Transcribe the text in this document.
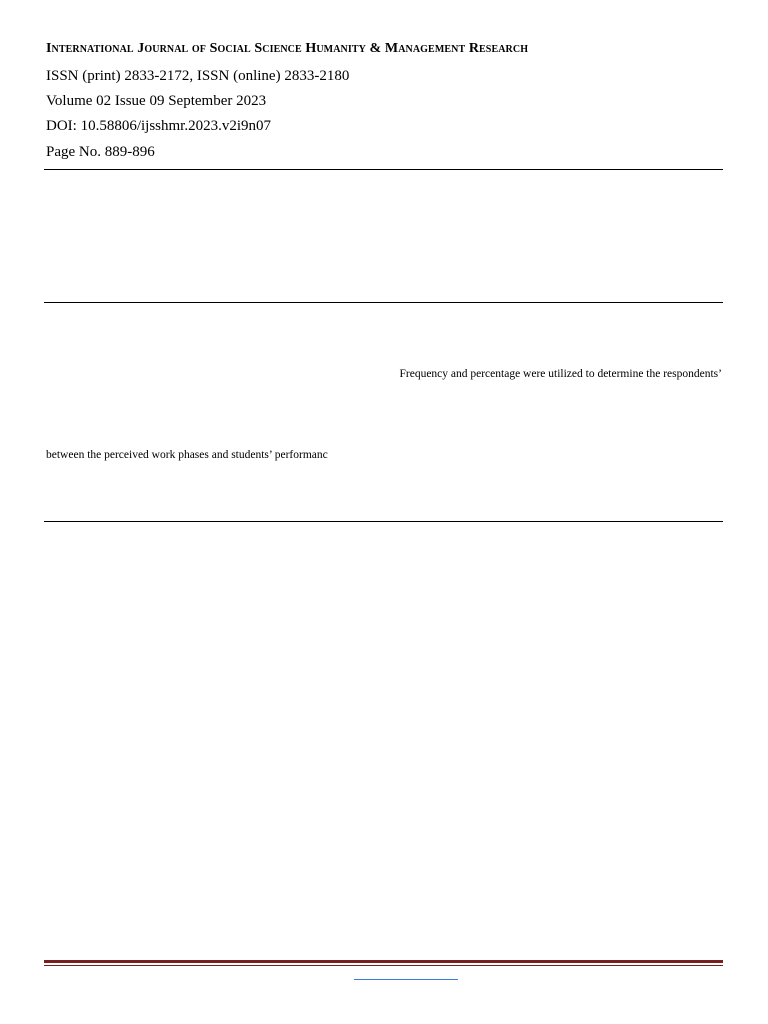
International Journal of Social Science Humanity & Management Research
ISSN (print) 2833-2172, ISSN (online) 2833-2180
Volume 02 Issue 09 September 2023
DOI: 10.58806/ijsshmr.2023.v2i9n07
Page No. 889-896
Frequency and percentage were utilized to determine the respondents’
between the perceived work phases and students’ performanc
